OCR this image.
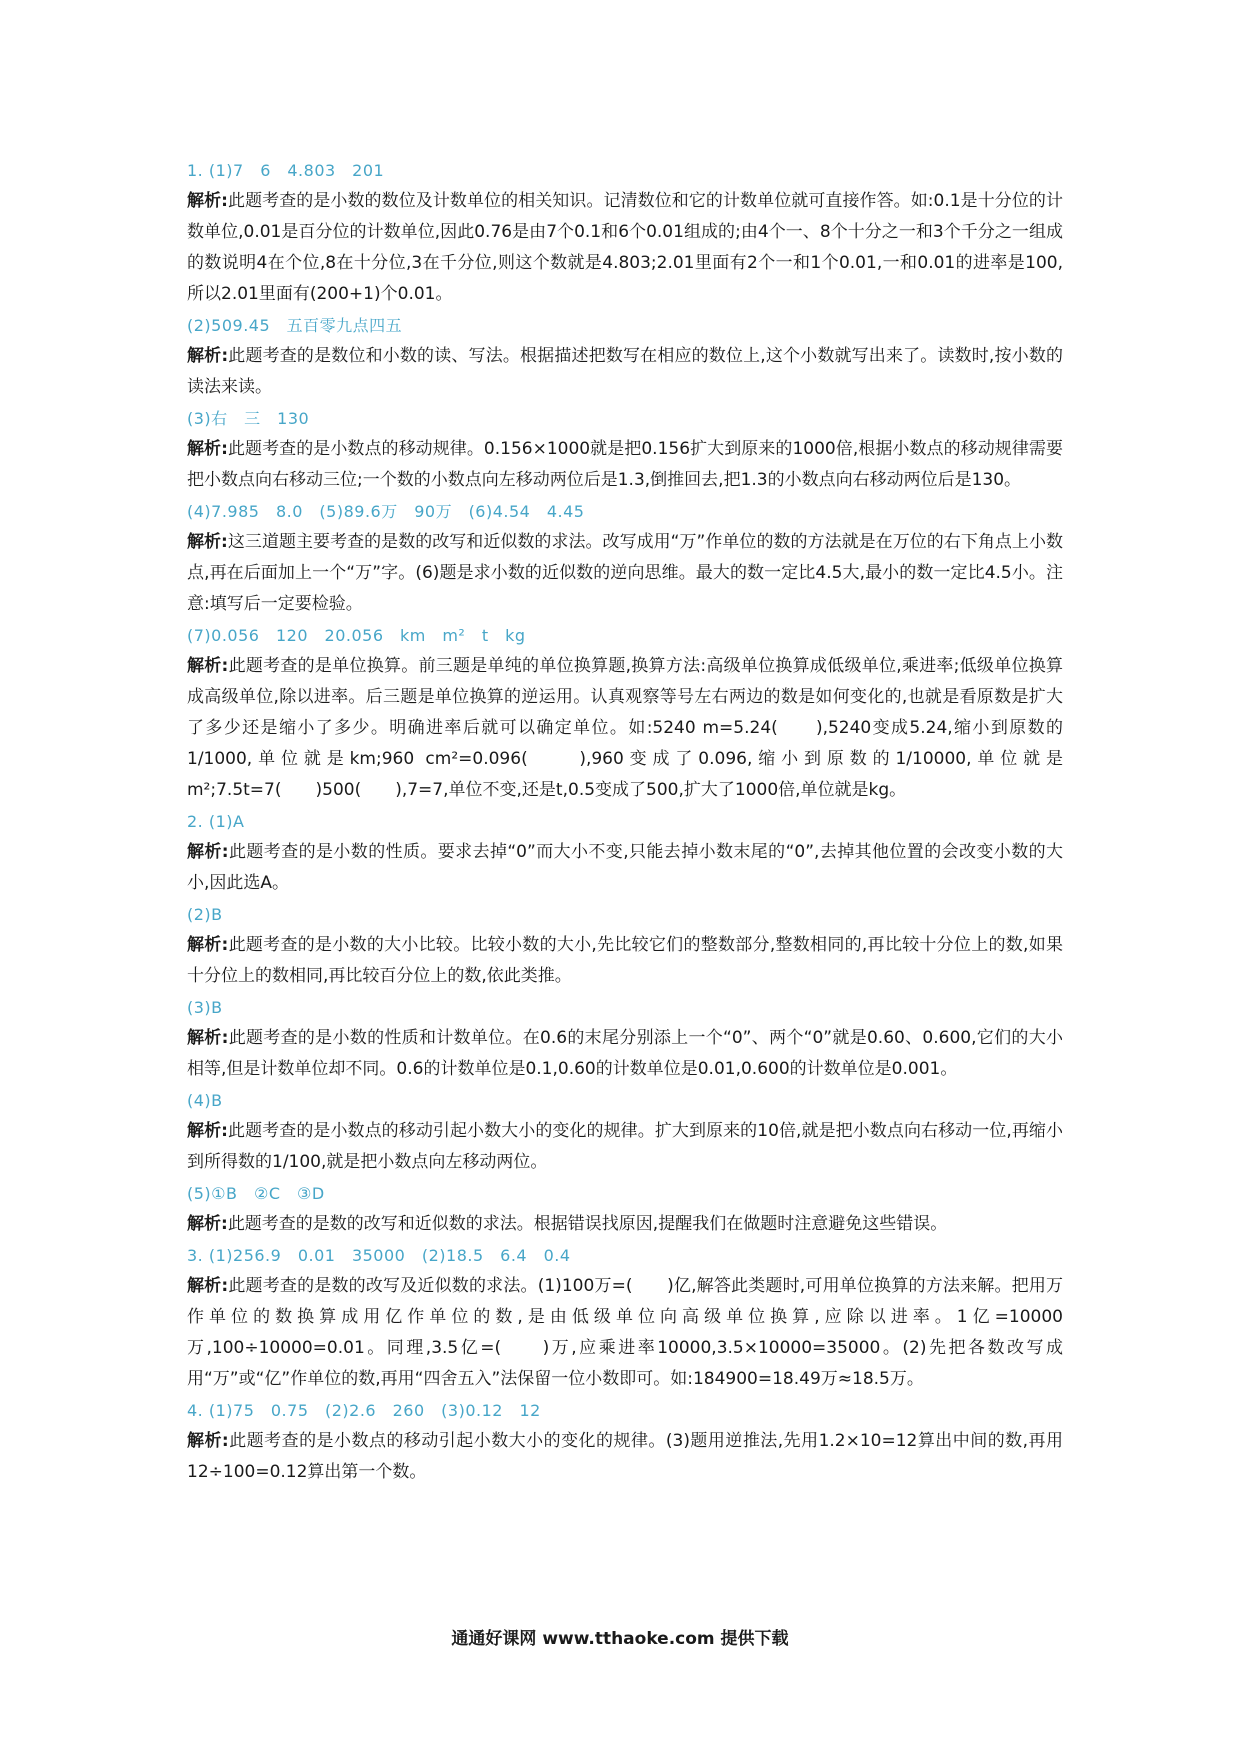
1. (1)7　6　4.803　201
解析:此题考查的是小数的数位及计数单位的相关知识。记清数位和它的计数单位就可直接作答。如:0.1是十分位的计数单位,0.01是百分位的计数单位,因此0.76是由7个0.1和6个0.01组成的;由4个一、8个十分之一和3个千分之一组成的数说明4在个位,8在十分位,3在千分位,则这个数就是4.803;2.01里面有2个一和1个0.01,一和0.01的进率是100,所以2.01里面有(200+1)个0.01。
(2)509.45　五百零九点四五
解析:此题考查的是数位和小数的读、写法。根据描述把数写在相应的数位上,这个小数就写出来了。读数时,按小数的读法来读。
(3)右　三　130
解析:此题考查的是小数点的移动规律。0.156×1000就是把0.156扩大到原来的1000倍,根据小数点的移动规律需要把小数点向右移动三位;一个数的小数点向左移动两位后是1.3,倒推回去,把1.3的小数点向右移动两位后是130。
(4)7.985　8.0　(5)89.6万　90万　(6)4.54　4.45
解析:这三道题主要考查的是数的改写和近似数的求法。改写成用“万”作单位的数的方法就是在万位的右下角点上小数点,再在后面加上一个“万”字。(6)题是求小数的近似数的逆向思维。最大的数一定比4.5大,最小的数一定比4.5小。注意:填写后一定要检验。
(7)0.056　120　20.056　km　m²　t　kg
解析:此题考查的是单位换算。前三题是单纯的单位换算题,换算方法:高级单位换算成低级单位,乘进率;低级单位换算成高级单位,除以进率。后三题是单位换算的逆运用。认真观察等号左右两边的数是如何变化的,也就是看原数是扩大了多少还是缩小了多少。明确进率后就可以确定单位。如:5240 m=5.24(　　),5240变成5.24,缩小到原数的1/1000,单位就是km;960 cm²=0.096(　　),960变成了0.096,缩小到原数的1/10000,单位就是m²;7.5t=7(　　)500(　　),7=7,单位不变,还是t,0.5变成了500,扩大了1000倍,单位就是kg。
2. (1)A
解析:此题考查的是小数的性质。要求去掉“0”而大小不变,只能去掉小数末尾的“0”,去掉其他位置的会改变小数的大小,因此选A。
(2)B
解析:此题考查的是小数的大小比较。比较小数的大小,先比较它们的整数部分,整数相同的,再比较十分位上的数,如果十分位上的数相同,再比较百分位上的数,依此类推。
(3)B
解析:此题考查的是小数的性质和计数单位。在0.6的末尾分别添上一个“0”、两个“0”就是0.60、0.600,它们的大小相等,但是计数单位却不同。0.6的计数单位是0.1,0.60的计数单位是0.01,0.600的计数单位是0.001。
(4)B
解析:此题考查的是小数点的移动引起小数大小的变化的规律。扩大到原来的10倍,就是把小数点向右移动一位,再缩小到所得数的1/100,就是把小数点向左移动两位。
(5)①B　②C　③D
解析:此题考查的是数的改写和近似数的求法。根据错误找原因,提醒我们在做题时注意避免这些错误。
3. (1)256.9　0.01　35000　(2)18.5　6.4　0.4
解析:此题考查的是数的改写及近似数的求法。(1)100万=(　　)亿,解答此类题时,可用单位换算的方法来解。把用万作单位的数换算成用亿作单位的数,是由低级单位向高级单位换算,应除以进率。1亿=10000万,100÷10000=0.01。同理,3.5亿=(　　)万,应乘进率10000,3.5×10000=35000。(2)先把各数改写成用“万”或“亿”作单位的数,再用“四舍五入”法保留一位小数即可。如:184900=18.49万≈18.5万。
4. (1)75　0.75　(2)2.6　260　(3)0.12　12
解析:此题考查的是小数点的移动引起小数大小的变化的规律。(3)题用逆推法,先用1.2×10=12算出中间的数,再用12÷100=0.12算出第一个数。
通通好课网 www.tthaoke.com 提供下载
